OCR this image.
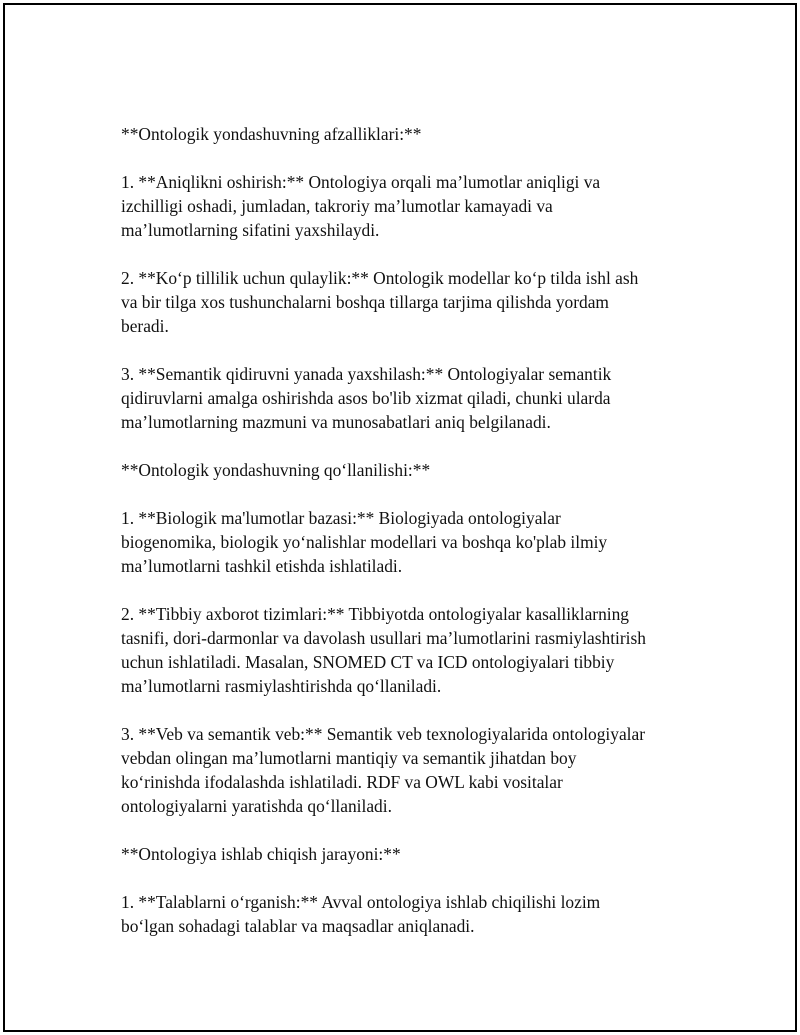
**Ontologik yondashuvning afzalliklari:**
1. **Aniqlikni oshirish:** Ontologiya orqali ma’lumotlar aniqligi va
izchilligi oshadi, jumladan, takroriy ma’lumotlar kamayadi va
ma’lumotlarning sifatini yaxshilaydi.
2. **Koʻp tillilik uchun qulaylik:** Ontologik modellar koʻp tilda ishl ash
va bir tilga xos tushunchalarni boshqa tillarga tarjima qilishda yordam
beradi.
3. **Semantik qidiruvni yanada yaxshilash:** Ontologiyalar semantik
qidiruvlarni amalga oshirishda asos bo'lib xizmat qiladi, chunki ularda
ma’lumotlarning mazmuni va munosabatlari aniq belgilanadi.
**Ontologik yondashuvning qoʻllanilishi:**
1. **Biologik ma'lumotlar bazasi:** Biologiyada ontologiyalar
biogenomika, biologik yoʻnalishlar modellari va boshqa ko'plab ilmiy
ma’lumotlarni tashkil etishda ishlatiladi.
2. **Tibbiy axborot tizimlari:** Tibbiyotda ontologiyalar kasalliklarning
tasnifi, dori-darmonlar va davolash usullari ma’lumotlarini rasmiylashtirish
uchun ishlatiladi. Masalan, SNOMED CT va ICD ontologiyalari tibbiy
ma’lumotlarni rasmiylashtirishda qoʻllaniladi.
3. **Veb va semantik veb:** Semantik veb texnologiyalarida ontologiyalar
vebdan olingan ma’lumotlarni mantiqiy va semantik jihatdan boy
koʻrinishda ifodalashda ishlatiladi. RDF va OWL kabi vositalar
ontologiyalarni yaratishda qoʻllaniladi.
**Ontologiya ishlab chiqish jarayoni:**
1. **Talablarni oʻrganish:** Avval ontologiya ishlab chiqilishi lozim
boʻlgan sohadagi talablar va maqsadlar aniqlanadi.
